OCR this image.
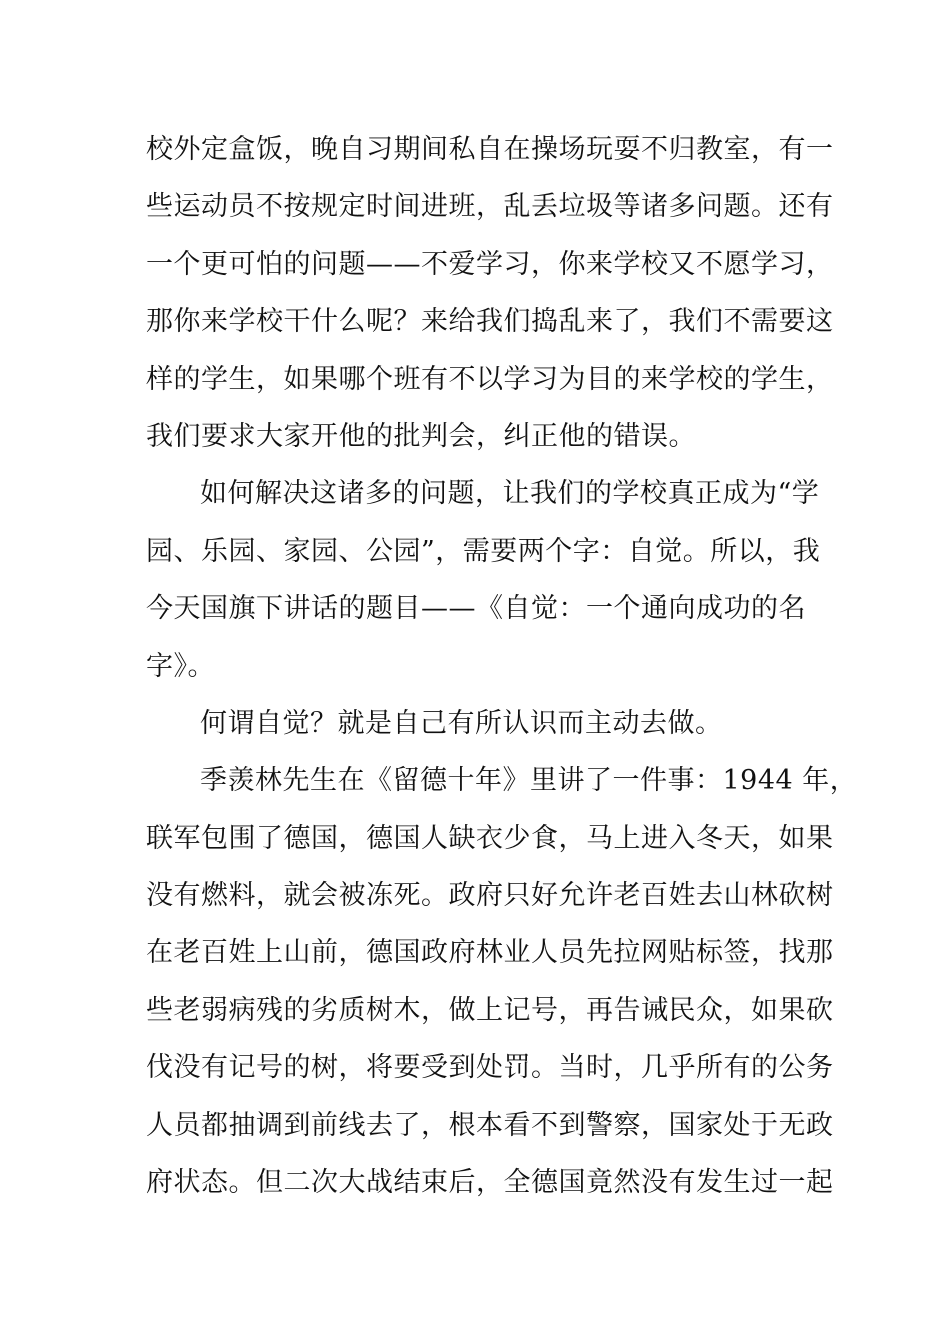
校外定盒饭，晚自习期间私自在操场玩耍不归教室，有一
些运动员不按规定时间进班，乱丢垃圾等诸多问题。还有
一个更可怕的问题——不爱学习，你来学校又不愿学习，
那你来学校干什么呢？来给我们捣乱来了，我们不需要这
样的学生，如果哪个班有不以学习为目的来学校的学生，
我们要求大家开他的批判会，纠正他的错误。
如何解决这诸多的问题，让我们的学校真正成为“学
园、乐园、家园、公园”，需要两个字：自觉。所以，我
今天国旗下讲话的题目——《自觉：一个通向成功的名
字》。
何谓自觉？就是自己有所认识而主动去做。
季羡林先生在《留德十年》里讲了一件事：1944 年，
联军包围了德国，德国人缺衣少食，马上进入冬天，如果
没有燃料，就会被冻死。政府只好允许老百姓去山林砍树
在老百姓上山前，德国政府林业人员先拉网贴标签，找那
些老弱病残的劣质树木，做上记号，再告诫民众，如果砍
伐没有记号的树，将要受到处罚。当时，几乎所有的公务
人员都抽调到前线去了，根本看不到警察，国家处于无政
府状态。但二次大战结束后，全德国竟然没有发生过一起
